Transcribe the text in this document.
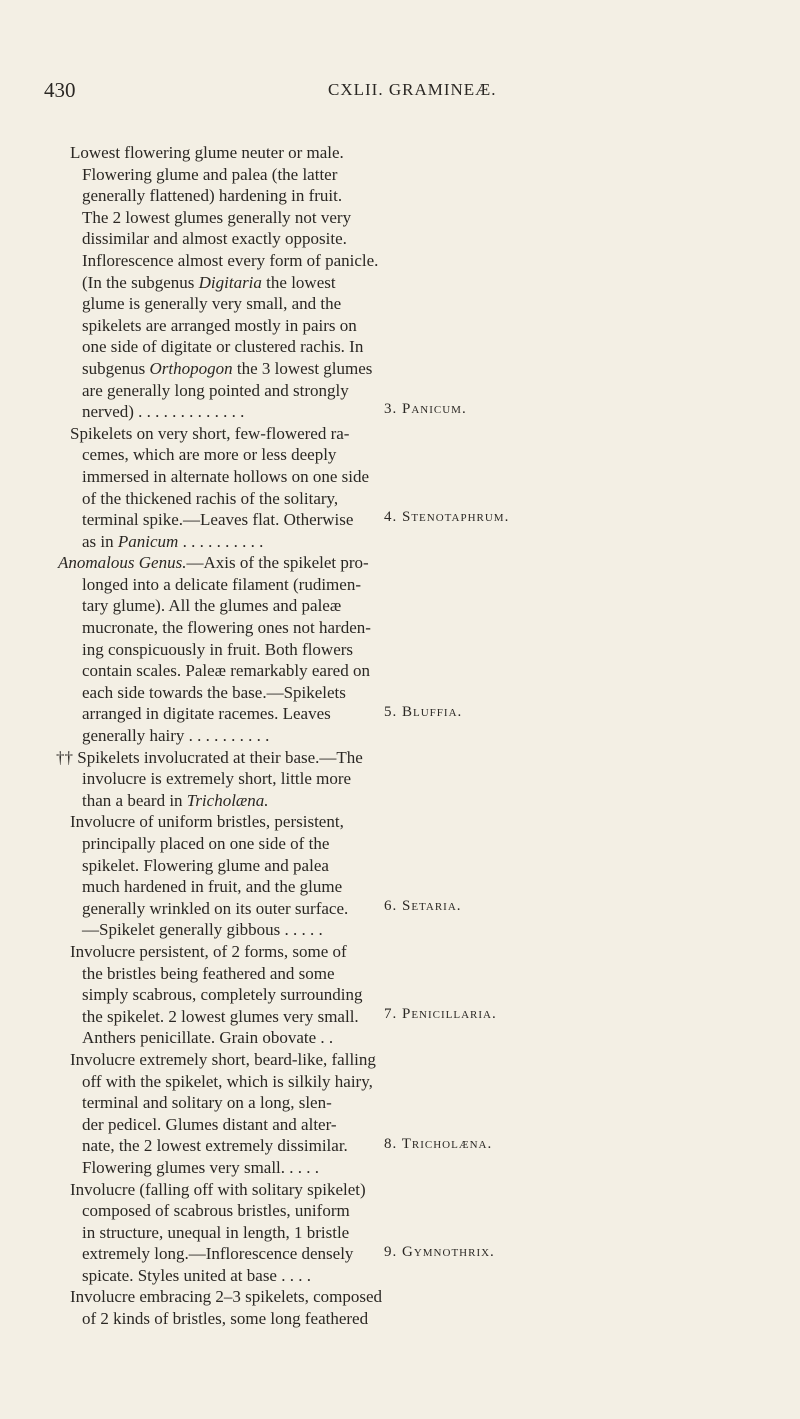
430	CXLII. GRAMINEÆ.
Lowest flowering glume neuter or male.
Flowering glume and palea (the latter
generally flattened) hardening in fruit.
The 2 lowest glumes generally not very
dissimilar and almost exactly opposite.
Inflorescence almost every form of panicle.
(In the subgenus Digitaria the lowest
glume is generally very small, and the
spikelets are arranged mostly in pairs on
one side of digitate or clustered rachis. In
subgenus Orthopogon the 3 lowest glumes
are generally long pointed and strongly
nerved) . . . . . . . . . . . . .
Spikelets on very short, few-flowered ra-
cemes, which are more or less deeply
immersed in alternate hollows on one side
of the thickened rachis of the solitary,
terminal spike.—Leaves flat. Otherwise
as in Panicum . . . . . . . . . .
Anomalous Genus.—Axis of the spikelet pro-
longed into a delicate filament (rudimen-
tary glume). All the glumes and paleæ
mucronate, the flowering ones not harden-
ing conspicuously in fruit. Both flowers
contain scales. Paleæ remarkably eared on
each side towards the base.—Spikelets
arranged in digitate racemes. Leaves
generally hairy . . . . . . . . . .
†† Spikelets involucrated at their base.—The
involucre is extremely short, little more
than a beard in Tricholæna.
Involucre of uniform bristles, persistent,
principally placed on one side of the
spikelet. Flowering glume and palea
much hardened in fruit, and the glume
generally wrinkled on its outer surface.
—Spikelet generally gibbous . . . . .
Involucre persistent, of 2 forms, some of
the bristles being feathered and some
simply scabrous, completely surrounding
the spikelet. 2 lowest glumes very small.
Anthers penicillate. Grain obovate . .
Involucre extremely short, beard-like, falling
off with the spikelet, which is silkily hairy,
terminal and solitary on a long, slen-
der pedicel. Glumes distant and alter-
nate, the 2 lowest extremely dissimilar.
Flowering glumes very small. . . . .
Involucre (falling off with solitary spikelet)
composed of scabrous bristles, uniform
in structure, unequal in length, 1 bristle
extremely long.—Inflorescence densely
spicate. Styles united at base . . . .
Involucre embracing 2–3 spikelets, composed
of 2 kinds of bristles, some long feathered
3. Panicum.
4. Stenotaphrum.
5. Bluffia.
6. Setaria.
7. Penicillaria.
8. Tricholæna.
9. Gymnothrix.
